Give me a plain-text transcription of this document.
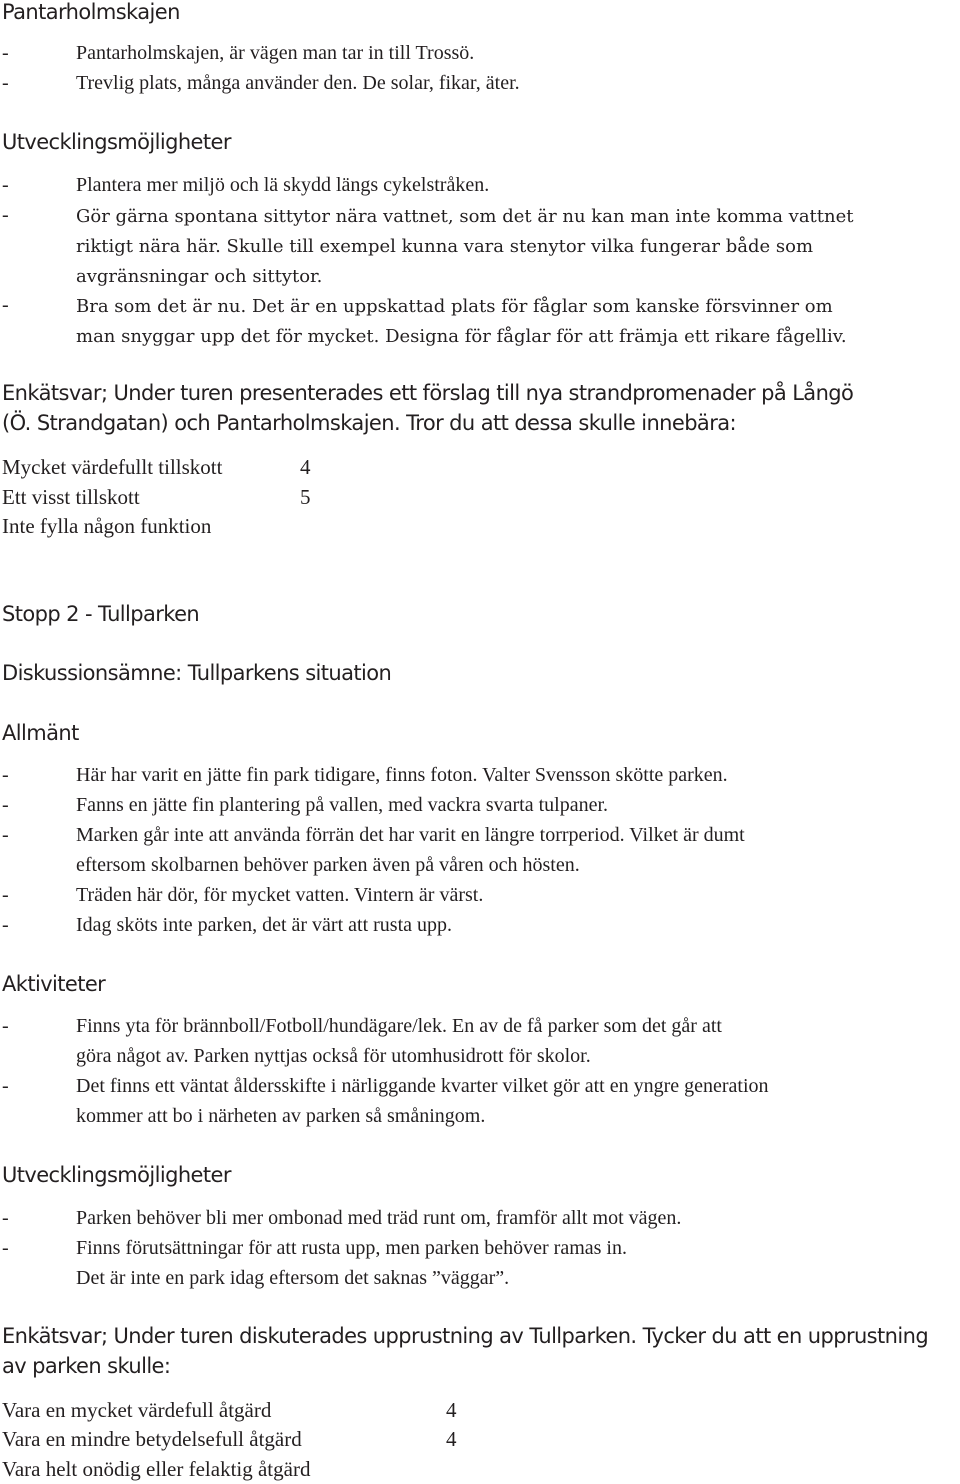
Pantarholmskajen
-	Pantarholmskajen, är vägen man tar in till Trossö.
-	Trevlig plats, många använder den. De solar, fikar, äter.
Utvecklingsmöjligheter
-	Plantera mer miljö och lä skydd längs cykelstråken.
-	Gör gärna spontana sittytor nära vattnet, som det är nu kan man inte komma vattnet
riktigt nära här. Skulle till exempel kunna vara stenytor vilka fungerar både som
avgränsningar och sittytor.
-	Bra som det är nu. Det är en uppskattad plats för fåglar som kanske försvinner om
man snyggar upp det för mycket. Designa för fåglar för att främja ett rikare fågelliv.
Enkätsvar; Under turen presenterades ett förslag till nya strandpromenader på Långö
(Ö. Strandgatan) och Pantarholmskajen. Tror du att dessa skulle innebära:
Mycket värdefullt tillskott	4
Ett visst tillskott	5
Inte fylla någon funktion
Stopp 2 - Tullparken
Diskussionsämne: Tullparkens situation
Allmänt
-	Här har varit en jätte fin park tidigare, finns foton. Valter Svensson skötte parken.
-	Fanns en jätte fin plantering på vallen, med vackra svarta tulpaner.
-	Marken går inte att använda förrän det har varit en längre torrperiod. Vilket är dumt
eftersom skolbarnen behöver parken även på våren och hösten.
-	Träden här dör, för mycket vatten. Vintern är värst.
-	Idag sköts inte parken, det är värt att rusta upp.
Aktiviteter
-	Finns yta för brännboll/Fotboll/hundägare/lek. En av de få parker som det går att
göra något av. Parken nyttjas också för utomhusidrott för skolor.
-	Det finns ett väntat åldersskifte i närliggande kvarter vilket gör att en yngre generation
kommer att bo i närheten av parken så småningom.
Utvecklingsmöjligheter
-	Parken behöver bli mer ombonad med träd runt om, framför allt mot vägen.
-	Finns förutsättningar för att rusta upp, men parken behöver ramas in.
Det är inte en park idag eftersom det saknas ”väggar”.
Enkätsvar; Under turen diskuterades upprustning av Tullparken. Tycker du att en upprustning
av parken skulle:
Vara en mycket värdefull åtgärd	4
Vara en mindre betydelsefull åtgärd	4
Vara helt onödig eller felaktig åtgärd
